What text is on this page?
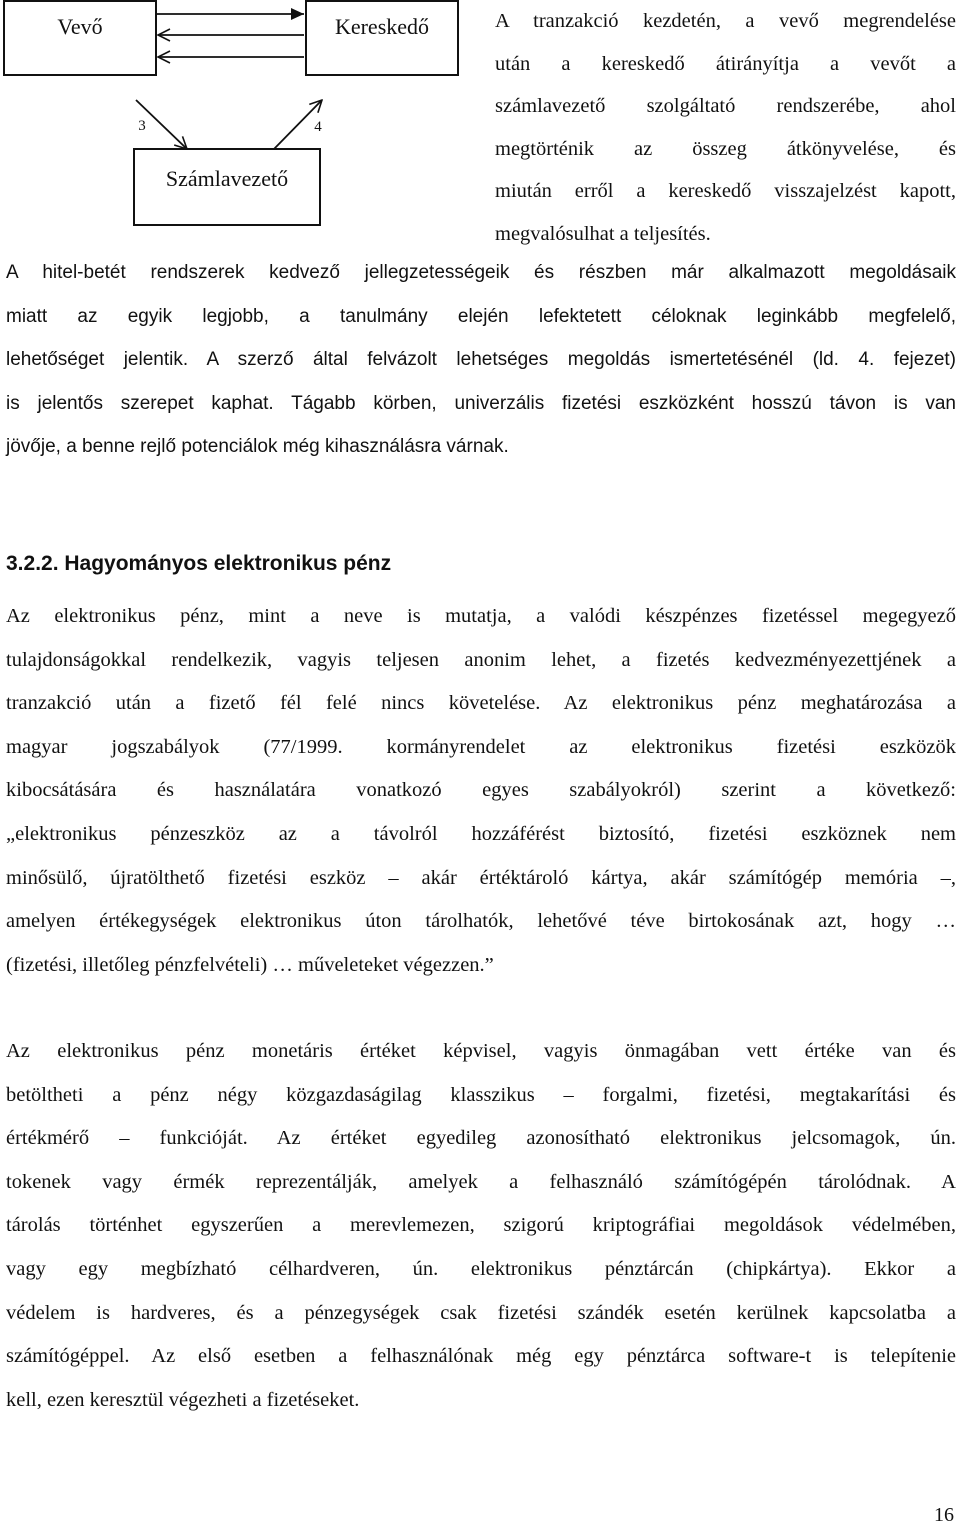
Vevő	Kereskedő
Számlavezető
3	4
A tranzakció kezdetén, a vevő megrendelése
után a kereskedő átirányítja a vevőt a
számlavezető szolgáltató rendszerébe, ahol
megtörténik az összeg átkönyvelése, és
miután erről a kereskedő visszajelzést kapott,
megvalósulhat a teljesítés.
A hitel-betét rendszerek kedvező jellegzetességeik és részben már alkalmazott megoldásaik
miatt az egyik legjobb, a tanulmány elején lefektetett céloknak leginkább megfelelő,
lehetőséget jelentik. A szerző által felvázolt lehetséges megoldás ismertetésénél (ld. 4. fejezet)
is jelentős szerepet kaphat. Tágabb körben, univerzális fizetési eszközként hosszú távon is van
jövője, a benne rejlő potenciálok még kihasználásra várnak.
3.2.2. Hagyományos elektronikus pénz
Az elektronikus pénz, mint a neve is mutatja, a valódi készpénzes fizetéssel megegyező
tulajdonságokkal rendelkezik, vagyis teljesen anonim lehet, a fizetés kedvezményezettjének a
tranzakció után a fizető fél felé nincs követelése. Az elektronikus pénz meghatározása a
magyar jogszabályok (77/1999. kormányrendelet az elektronikus fizetési eszközök
kibocsátására és használatára vonatkozó egyes szabályokról) szerint a következő:
„elektronikus pénzeszköz az a távolról hozzáférést biztosító, fizetési eszköznek nem
minősülő, újratölthető fizetési eszköz – akár értéktároló kártya, akár számítógép memória –,
amelyen értékegységek elektronikus úton tárolhatók, lehetővé téve birtokosának azt, hogy …
(fizetési, illetőleg pénzfelvételi) … műveleteket végezzen.”
Az elektronikus pénz monetáris értéket képvisel, vagyis önmagában vett értéke van és
betöltheti a pénz négy közgazdaságilag klasszikus – forgalmi, fizetési, megtakarítási és
értékmérő – funkcióját. Az értéket egyedileg azonosítható elektronikus jelcsomagok, ún.
tokenek vagy érmék reprezentálják, amelyek a felhasználó számítógépén tárolódnak. A
tárolás történhet egyszerűen a merevlemezen, szigorú kriptográfiai megoldások védelmében,
vagy egy megbízható célhardveren, ún. elektronikus pénztárcán (chipkártya). Ekkor a
védelem is hardveres, és a pénzegységek csak fizetési szándék esetén kerülnek kapcsolatba a
számítógéppel. Az első esetben a felhasználónak még egy pénztárca software-t is telepítenie
kell, ezen keresztül végezheti a fizetéseket.
16
